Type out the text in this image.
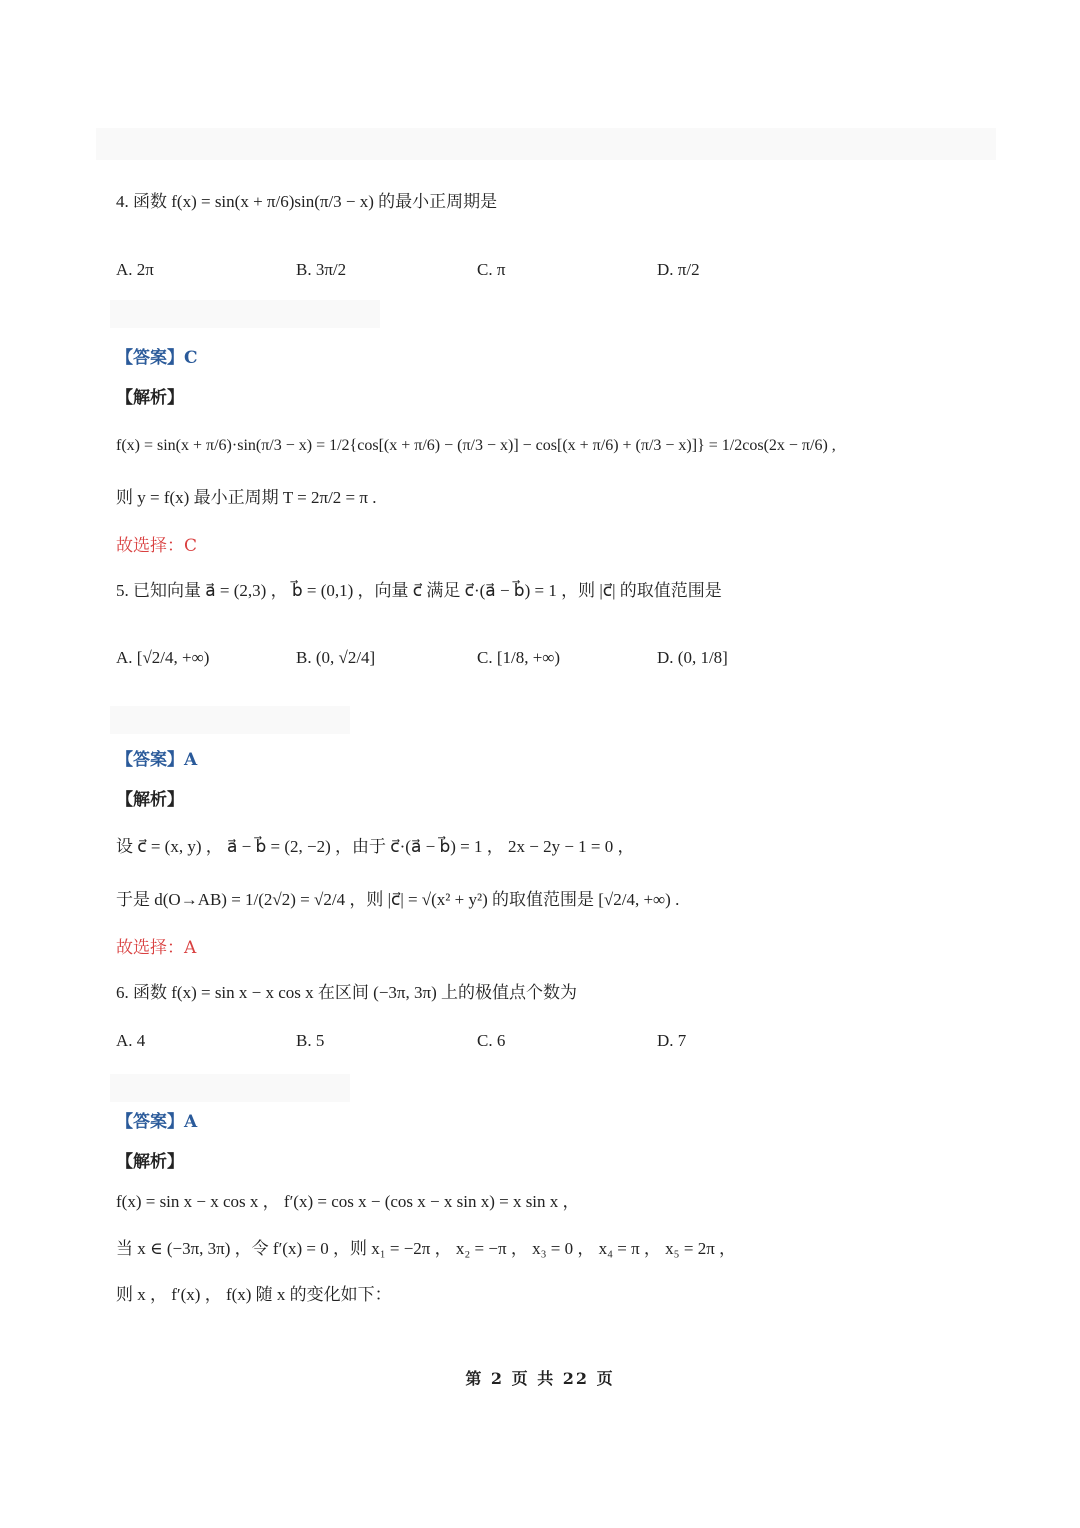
4. 函数 f(x) = sin(x + π/6)sin(π/3 − x) 的最小正周期是
A. 2π	B. 3π/2	C. π	D. π/2
【答案】C
【解析】
f(x) = sin(x + π/6)·sin(π/3 − x) = 1/2{cos[(x + π/6) − (π/3 − x)] − cos[(x + π/6) + (π/3 − x)]} = 1/2cos(2x − π/6) ,
则 y = f(x) 最小正周期 T = 2π/2 = π .
故选择：C
5. 已知向量 a⃗ = (2,3) ， b⃗ = (0,1) ，向量 c⃗ 满足 c⃗·(a⃗ − b⃗) = 1 ，则 |c⃗| 的取值范围是
A. [√2/4, +∞)	B. (0, √2/4]	C. [1/8, +∞)	D. (0, 1/8]
【答案】A
【解析】
设 c⃗ = (x, y) ， a⃗ − b⃗ = (2, −2) ，由于 c⃗·(a⃗ − b⃗) = 1 ， 2x − 2y − 1 = 0 ，
于是 d(O→AB) = 1/(2√2) = √2/4 ，则 |c⃗| = √(x² + y²) 的取值范围是 [√2/4, +∞) .
故选择：A
6. 函数 f(x) = sin x − x cos x 在区间 (−3π, 3π) 上的极值点个数为
A. 4	B. 5	C. 6	D. 7
【答案】A
【解析】
f(x) = sin x − x cos x ， f′(x) = cos x − (cos x − x sin x) = x sin x ，
当 x ∈ (−3π, 3π) ，令 f′(x) = 0 ，则 x₁ = −2π ， x₂ = −π ， x₃ = 0 ， x₄ = π ， x₅ = 2π ，
则 x ， f′(x) ， f(x) 随 x 的变化如下：
第 2 页 共 22 页
